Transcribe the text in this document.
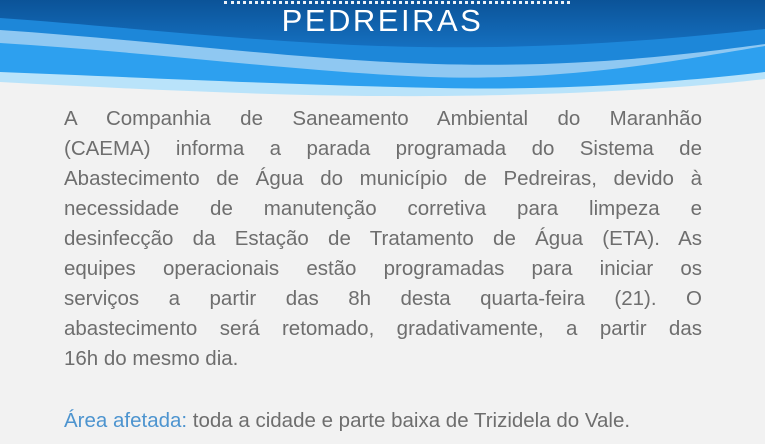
PEDREIRAS
A Companhia de Saneamento Ambiental do Maranhão
(CAEMA) informa a parada programada do Sistema de
Abastecimento de Água do município de Pedreiras, devido à
necessidade de manutenção corretiva para limpeza e
desinfecção da Estação de Tratamento de Água (ETA). As
equipes operacionais estão programadas para iniciar os
serviços a partir das 8h desta quarta-feira (21). O
abastecimento será retomado, gradativamente, a partir das
16h do mesmo dia.
Área afetada: toda a cidade e parte baixa de Trizidela do Vale.
